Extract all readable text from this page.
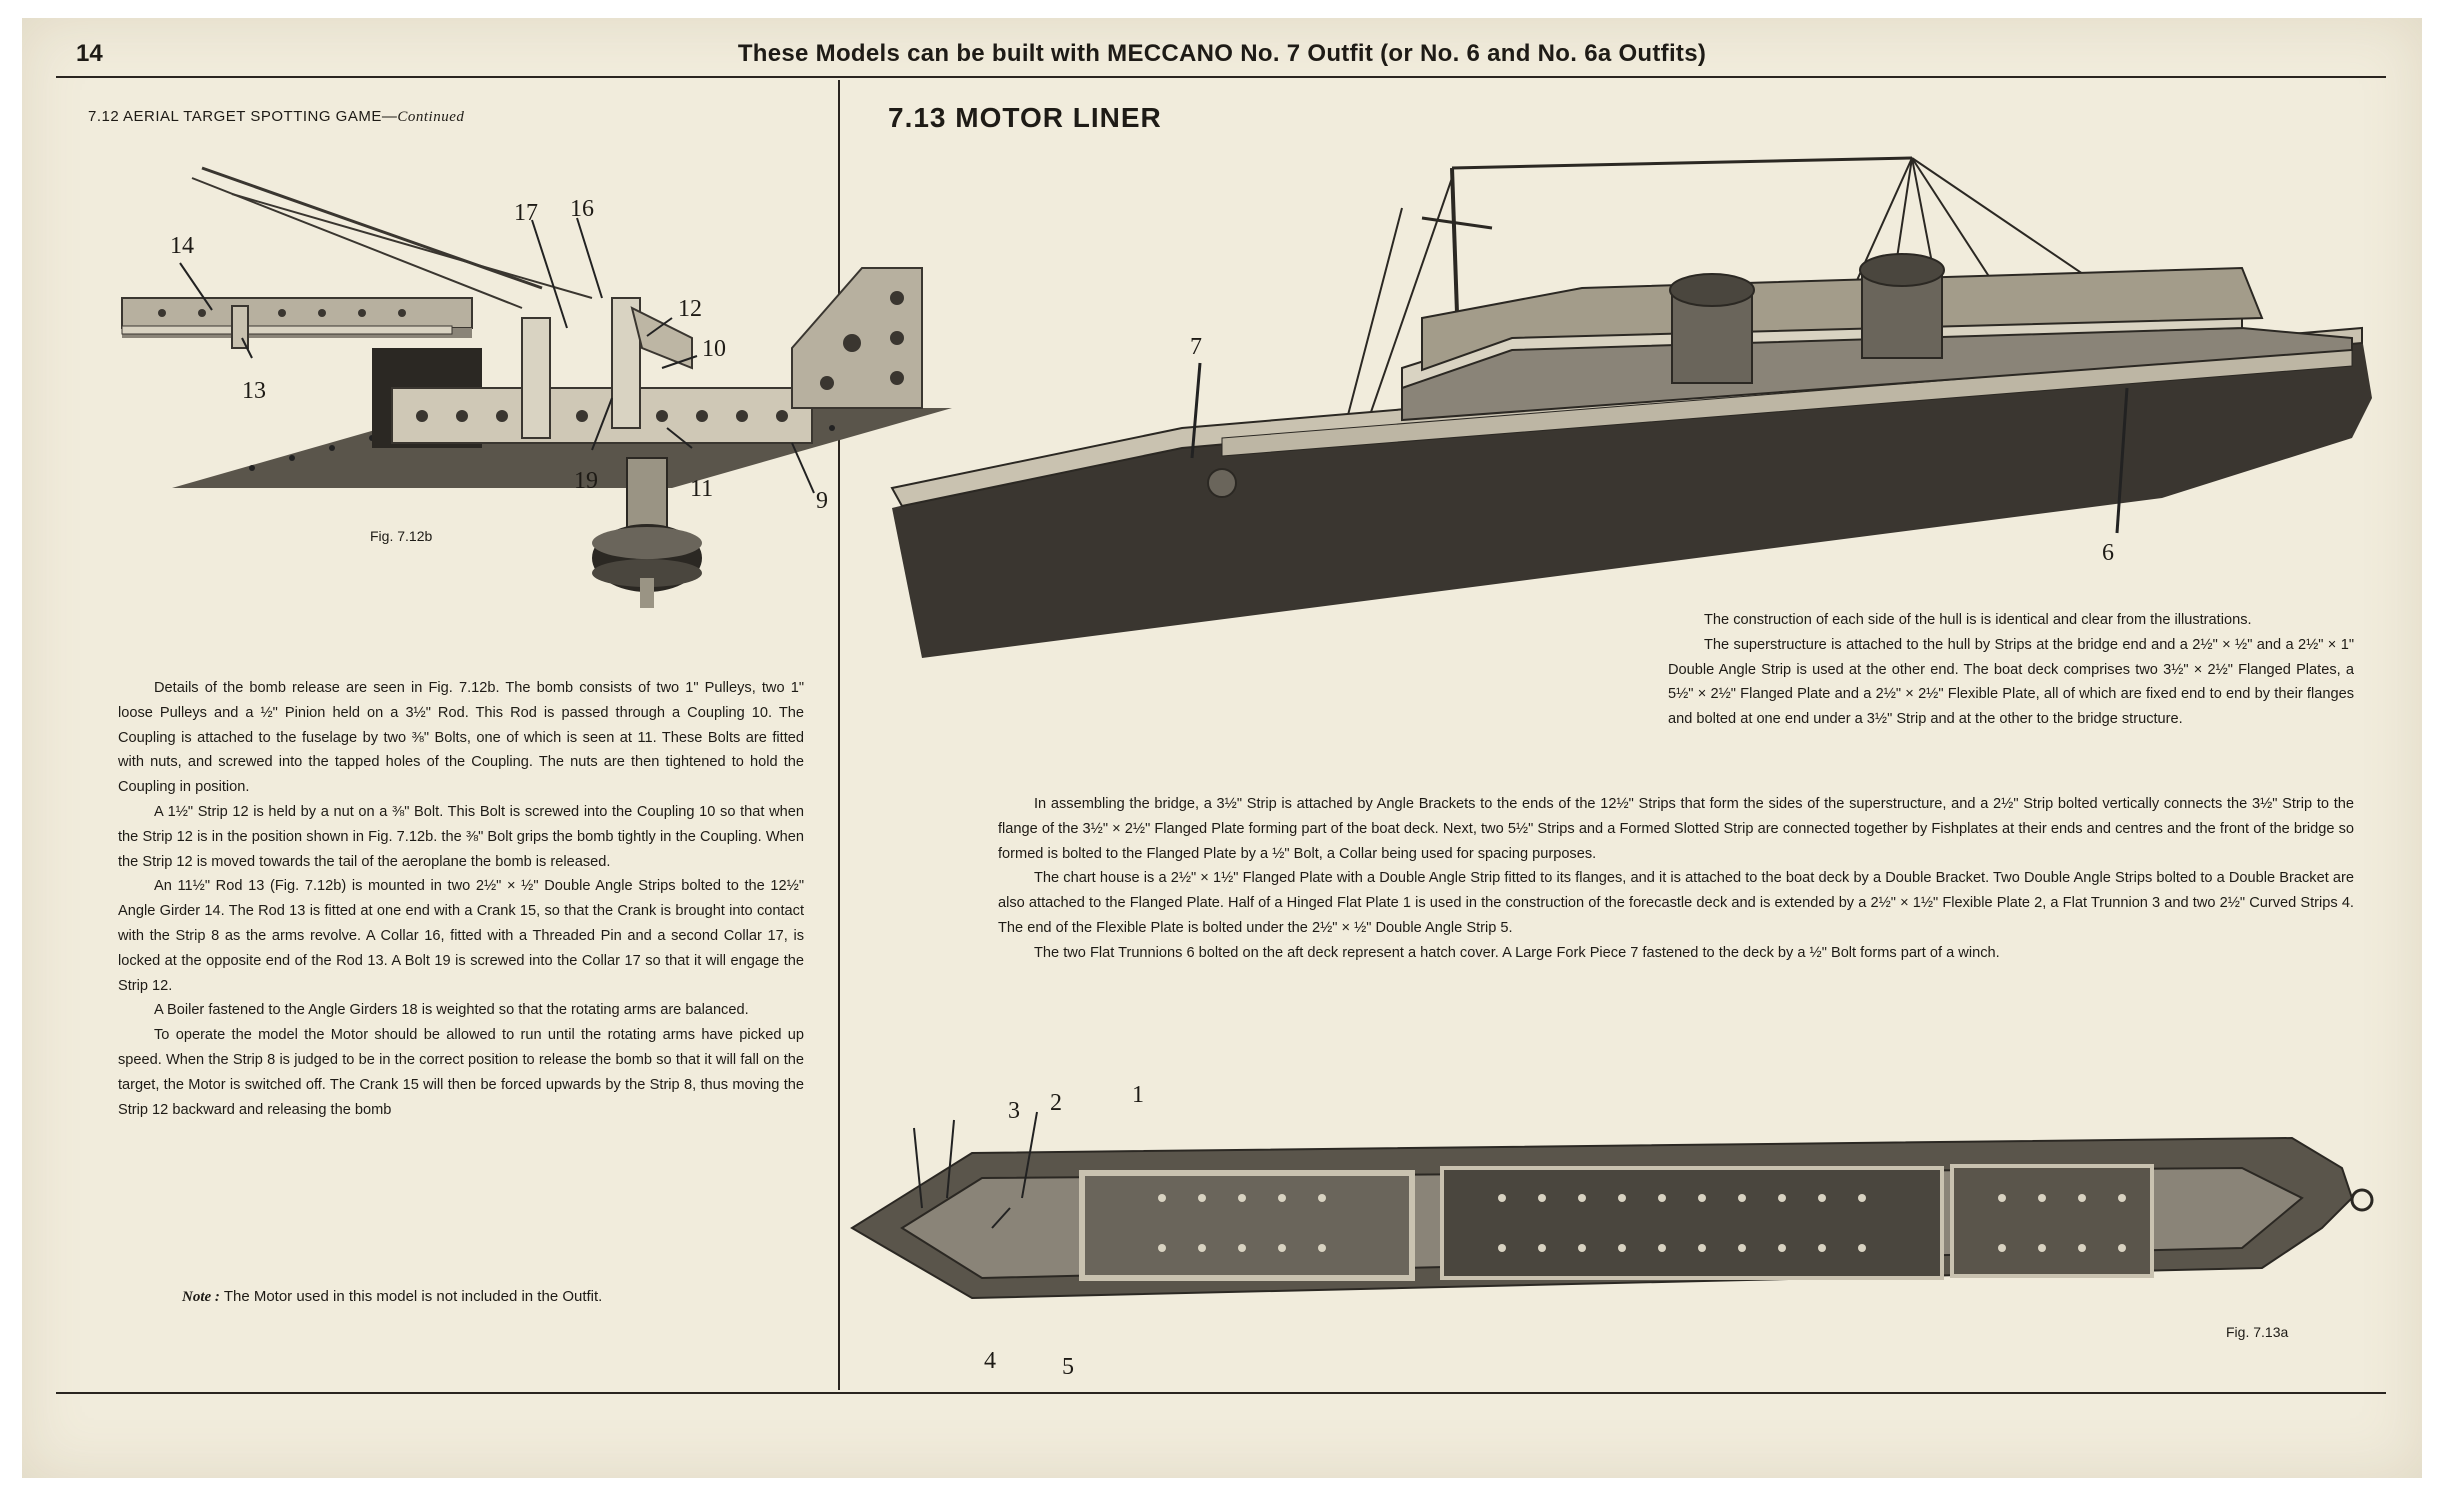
14	These Models can be built with MECCANO No. 7 Outfit (or No. 6 and No. 6a Outfits)
7.12 AERIAL TARGET SPOTTING GAME—Continued
14
13
17 16
12
10
19	11	9
Fig. 7.12b
7.13 MOTOR LINER
7
6

The construction of each side of the hull is is identical and clear from the illustrations.

The superstructure is attached to the hull by Strips at the bridge end and a 2½" × ½" and a 2½" × 1" Double Angle Strip is used at the other end. The boat deck comprises two 3½" × 2½" Flanged Plates, a 5½" × 2½" Flanged Plate and a 2½" × 2½" Flexible Plate, all of which are fixed end to end by their flanges and bolted at one end under a 3½" Strip and at the other to the bridge structure.

In assembling the bridge, a 3½" Strip is attached by Angle Brackets to the ends of the 12½" Strips that form the sides of the superstructure, and a 2½" Strip bolted vertically connects the 3½" Strip to the flange of the 3½" × 2½" Flanged Plate forming part of the boat deck. Next, two 5½" Strips and a Formed Slotted Strip are connected together by Fishplates at their ends and centres and the front of the bridge so formed is bolted to the Flanged Plate by a ½" Bolt, a Collar being used for spacing purposes.

The chart house is a 2½" × 1½" Flanged Plate with a Double Angle Strip fitted to its flanges, and it is attached to the boat deck by a Double Bracket. Two Double Angle Strips bolted to a Double Bracket are also attached to the Flanged Plate. Half of a Hinged Flat Plate 1 is used in the construction of the forecastle deck and is extended by a 2½" × 1½" Flexible Plate 2, a Flat Trunnion 3 and two 2½" Curved Strips 4. The end of the Flexible Plate is bolted under the 2½" × ½" Double Angle Strip 5.

The two Flat Trunnions 6 bolted on the aft deck represent a hatch cover. A Large Fork Piece 7 fastened to the deck by a ½" Bolt forms part of a winch.

Details of the bomb release are seen in Fig. 7.12b. The bomb consists of two 1" Pulleys, two 1" loose Pulleys and a ½" Pinion held on a 3½" Rod. This Rod is passed through a Coupling 10. The Coupling is attached to the fuselage by two ⅜" Bolts, one of which is seen at 11. These Bolts are fitted with nuts, and screwed into the tapped holes of the Coupling. The nuts are then tightened to hold the Coupling in position.

A 1½" Strip 12 is held by a nut on a ⅜" Bolt. This Bolt is screwed into the Coupling 10 so that when the Strip 12 is in the position shown in Fig. 7.12b. the ⅜" Bolt grips the bomb tightly in the Coupling. When the Strip 12 is moved towards the tail of the aeroplane the bomb is released.

An 11½" Rod 13 (Fig. 7.12b) is mounted in two 2½" × ½" Double Angle Strips bolted to the 12½" Angle Girder 14. The Rod 13 is fitted at one end with a Crank 15, so that the Crank is brought into contact with the Strip 8 as the arms revolve. A Collar 16, fitted with a Threaded Pin and a second Collar 17, is locked at the opposite end of the Rod 13. A Bolt 19 is screwed into the Collar 17 so that it will engage the Strip 12.

A Boiler fastened to the Angle Girders 18 is weighted so that the rotating arms are balanced.

To operate the model the Motor should be allowed to run until the rotating arms have picked up speed. When the Strip 8 is judged to be in the correct position to release the bomb so that it will fall on the target, the Motor is switched off. The Crank 15 will then be forced upwards by the Strip 8, thus moving the Strip 12 backward and releasing the bomb

Note : The Motor used in this model is not included in the Outfit.
3 2	1
4	5
Fig. 7.13a
